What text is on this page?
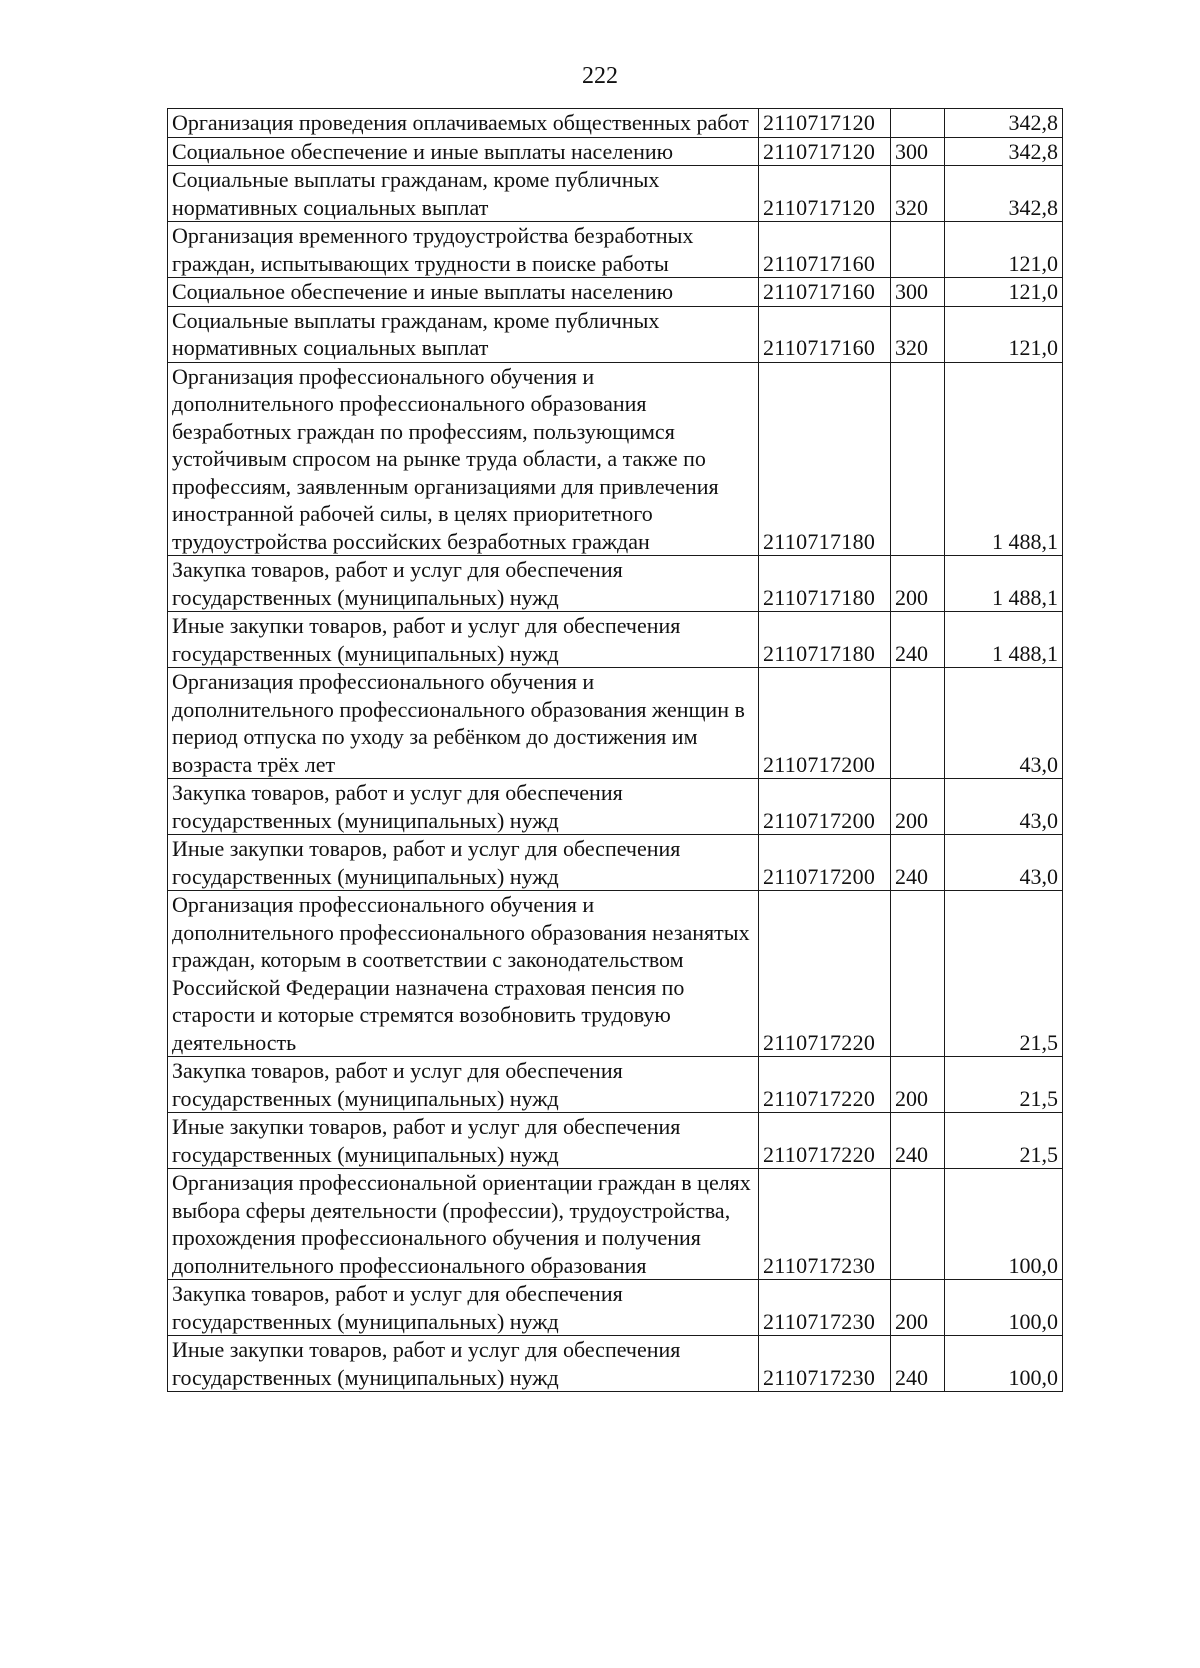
222
Организация проведения оплачиваемых общественных работ	2110717120		342,8
Социальное обеспечение и иные выплаты населению	2110717120	300	342,8
Социальные выплаты гражданам, кроме публичных нормативных социальных выплат	2110717120	320	342,8
Организация временного трудоустройства безработных граждан, испытывающих трудности в поиске работы	2110717160		121,0
Социальное обеспечение и иные выплаты населению	2110717160	300	121,0
Социальные выплаты гражданам, кроме публичных нормативных социальных выплат	2110717160	320	121,0
Организация профессионального обучения и дополнительного профессионального образования безработных граждан по профессиям, пользующимся устойчивым спросом на рынке труда области, а также по профессиям, заявленным организациями для привлечения иностранной рабочей силы, в целях приоритетного трудоустройства российских безработных граждан	2110717180		1 488,1
Закупка товаров, работ и услуг для обеспечения государственных (муниципальных) нужд	2110717180	200	1 488,1
Иные закупки товаров, работ и услуг для обеспечения государственных (муниципальных) нужд	2110717180	240	1 488,1
Организация профессионального обучения и дополнительного профессионального образования женщин в период отпуска по уходу за ребёнком до достижения им возраста трёх лет	2110717200		43,0
Закупка товаров, работ и услуг для обеспечения государственных (муниципальных) нужд	2110717200	200	43,0
Иные закупки товаров, работ и услуг для обеспечения государственных (муниципальных) нужд	2110717200	240	43,0
Организация профессионального обучения и дополнительного профессионального образования незанятых граждан, которым в соответствии с законодательством Российской Федерации назначена страховая пенсия по старости и которые стремятся возобновить трудовую деятельность	2110717220		21,5
Закупка товаров, работ и услуг для обеспечения государственных (муниципальных) нужд	2110717220	200	21,5
Иные закупки товаров, работ и услуг для обеспечения государственных (муниципальных) нужд	2110717220	240	21,5
Организация профессиональной ориентации граждан в целях выбора сферы деятельности (профессии), трудоустройства, прохождения профессионального обучения и получения дополнительного профессионального образования	2110717230		100,0
Закупка товаров, работ и услуг для обеспечения государственных (муниципальных) нужд	2110717230	200	100,0
Иные закупки товаров, работ и услуг для обеспечения государственных (муниципальных) нужд	2110717230	240	100,0
